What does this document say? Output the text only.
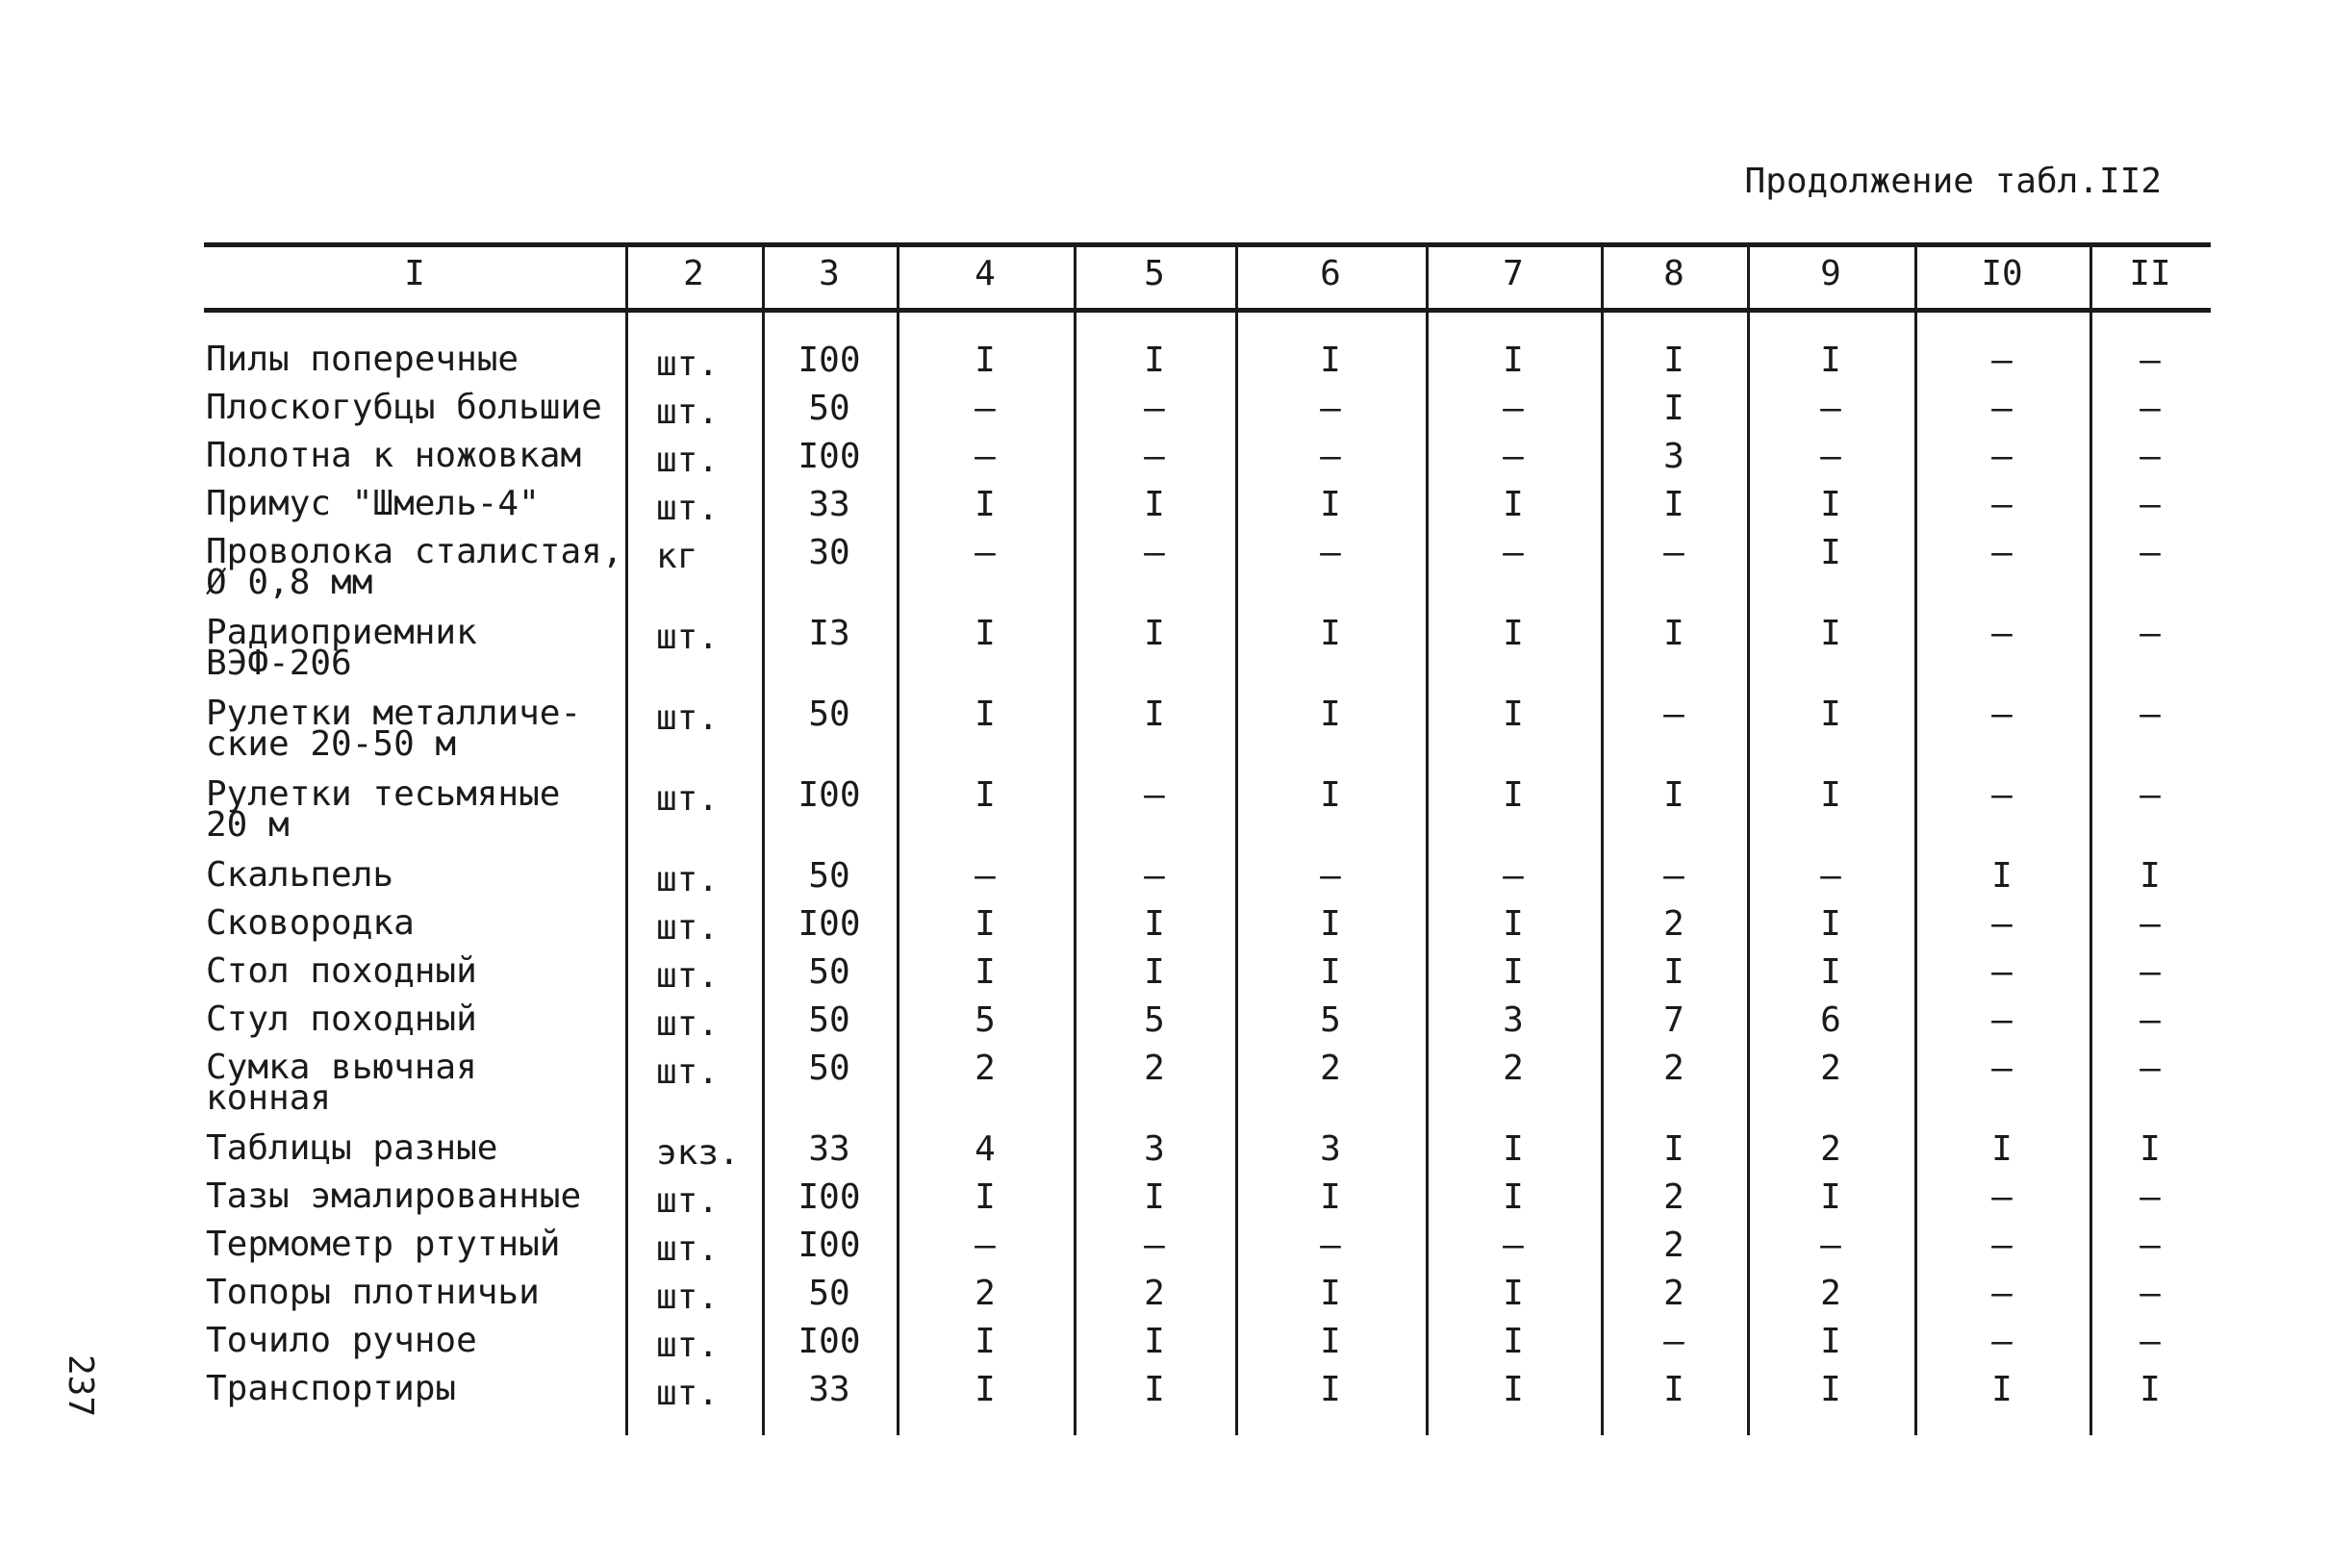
Продолжение табл.II2
I	2	3	4	5	6	7	8	9	I0	II
Пилы поперечные	шт.	I00	I	I	I	I	I	I	–	–
Плоскогубцы большие шт.	50	–	–	–	–	I	–	–	–
Полотна к ножовкам шт.	I00	–	–	–	–	3	–	–	–
Примус "Шмель-4"	шт.	33	I	I	I	I	I	I	–	–
Проволока сталистая,
Ø 0,8 мм
кг	30	–	–	–	–	–	I	–	–
Радиоприемник
ВЭФ-206
шт.	I3	I	I	I	I	I	I	–	–
Рулетки металличе-
ские 20-50 м
шт.	50	I	I	I	I	–	I	–	–
Рулетки тесьмяные
20 м
шт.	I00	I	–	I	I	I	I	–	–
Скальпель	шт.	50	–	–	–	–	–	–	I	I
Сковородка	шт.	I00	I	I	I	I	2	I	–	–
Стол походный	шт.	50	I	I	I	I	I	I	–	–
Стул походный	шт.	50	5	5	5	3	7	6	–	–
Сумка вьючная
конная
шт.	50	2	2	2	2	2	2	–	–
Таблицы разные	экз.	33	4	3	3	I	I	2	I	I
Тазы эмалированные шт.	I00	I	I	I	I	2	I	–	–
Термометр ртутный	шт.	I00	–	–	–	–	2	–	–	–
Топоры плотничьи	шт.	50	2	2	I	I	2	2	–	–
Точило ручное	шт.	I00	I	I	I	I	–	I	–	–
Транспортиры	шт.	33	I	I	I	I	I	I	I	I
237
